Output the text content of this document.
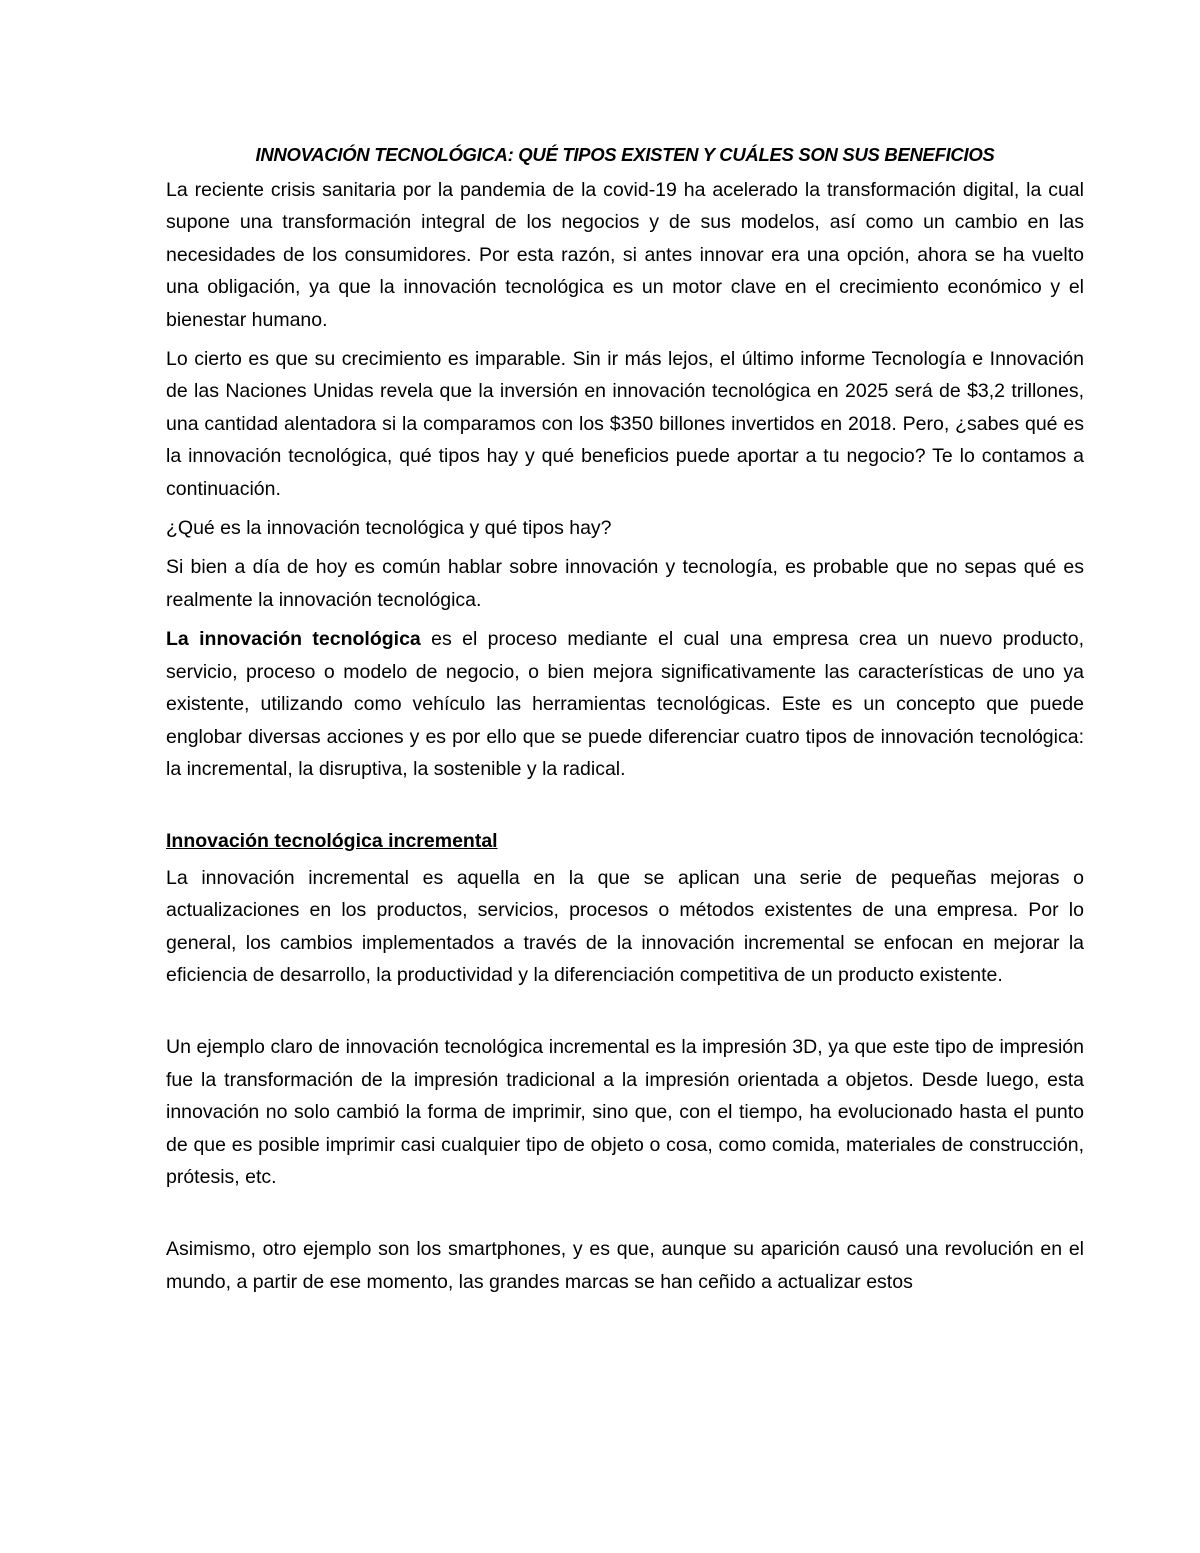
INNOVACIÓN TECNOLÓGICA: QUÉ TIPOS EXISTEN Y CUÁLES SON SUS BENEFICIOS

La reciente crisis sanitaria por la pandemia de la covid-19 ha acelerado la transformación digital, la cual supone una transformación integral de los negocios y de sus modelos, así como un cambio en las necesidades de los consumidores. Por esta razón, si antes innovar era una opción, ahora se ha vuelto una obligación, ya que la innovación tecnológica es un motor clave en el crecimiento económico y el bienestar humano.

Lo cierto es que su crecimiento es imparable. Sin ir más lejos, el último informe Tecnología e Innovación de las Naciones Unidas revela que la inversión en innovación tecnológica en 2025 será de $3,2 trillones, una cantidad alentadora si la comparamos con los $350 billones invertidos en 2018. Pero, ¿sabes qué es la innovación tecnológica, qué tipos hay y qué beneficios puede aportar a tu negocio? Te lo contamos a continuación.

¿Qué es la innovación tecnológica y qué tipos hay?

Si bien a día de hoy es común hablar sobre innovación y tecnología, es probable que no sepas qué es realmente la innovación tecnológica.

La innovación tecnológica es el proceso mediante el cual una empresa crea un nuevo producto, servicio, proceso o modelo de negocio, o bien mejora significativamente las características de uno ya existente, utilizando como vehículo las herramientas tecnológicas. Este es un concepto que puede englobar diversas acciones y es por ello que se puede diferenciar cuatro tipos de innovación tecnológica: la incremental, la disruptiva, la sostenible y la radical.

Innovación tecnológica incremental

La innovación incremental es aquella en la que se aplican una serie de pequeñas mejoras o actualizaciones en los productos, servicios, procesos o métodos existentes de una empresa. Por lo general, los cambios implementados a través de la innovación incremental se enfocan en mejorar la eficiencia de desarrollo, la productividad y la diferenciación competitiva de un producto existente.

Un ejemplo claro de innovación tecnológica incremental es la impresión 3D, ya que este tipo de impresión fue la transformación de la impresión tradicional a la impresión orientada a objetos. Desde luego, esta innovación no solo cambió la forma de imprimir, sino que, con el tiempo, ha evolucionado hasta el punto de que es posible imprimir casi cualquier tipo de objeto o cosa, como comida, materiales de construcción, prótesis, etc.

Asimismo, otro ejemplo son los smartphones, y es que, aunque su aparición causó una revolución en el mundo, a partir de ese momento, las grandes marcas se han ceñido a actualizar estos
